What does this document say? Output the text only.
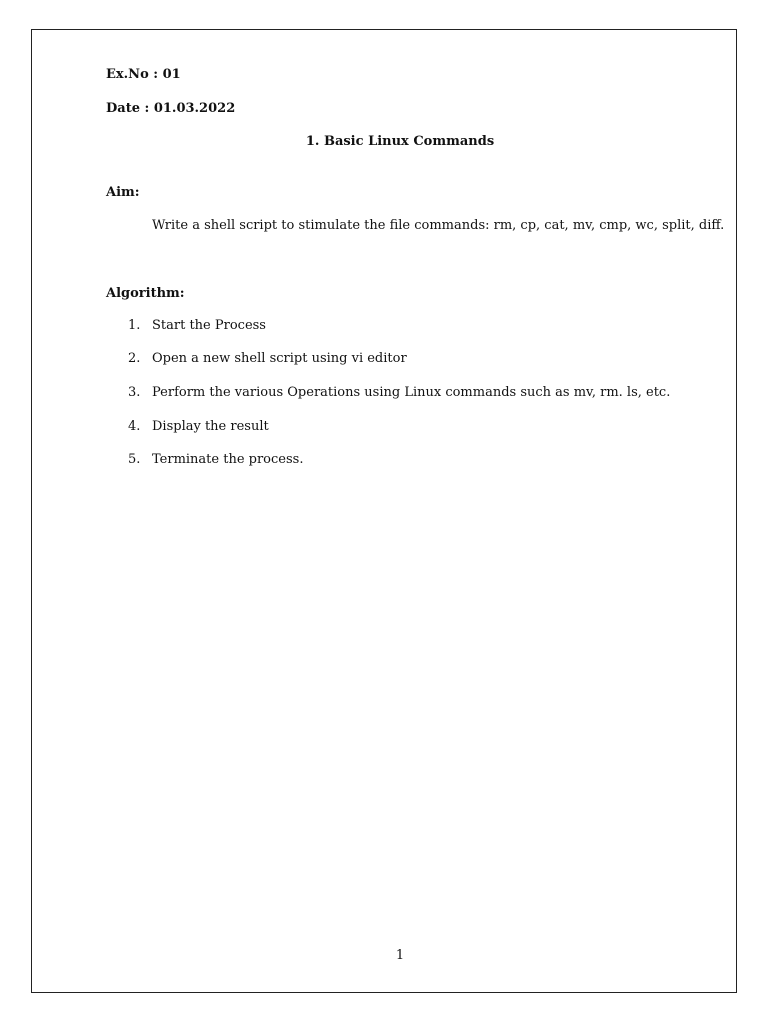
Ex.No : 01
Date : 01.03.2022
1. Basic Linux Commands
Aim:
Write a shell script to stimulate the file commands: rm, cp, cat, mv, cmp, wc, split, diff.
Algorithm:
1. Start the Process
2. Open a new shell script using vi editor
3. Perform the various Operations using Linux commands such as mv, rm. ls, etc.
4. Display the result
5. Terminate the process.
1
